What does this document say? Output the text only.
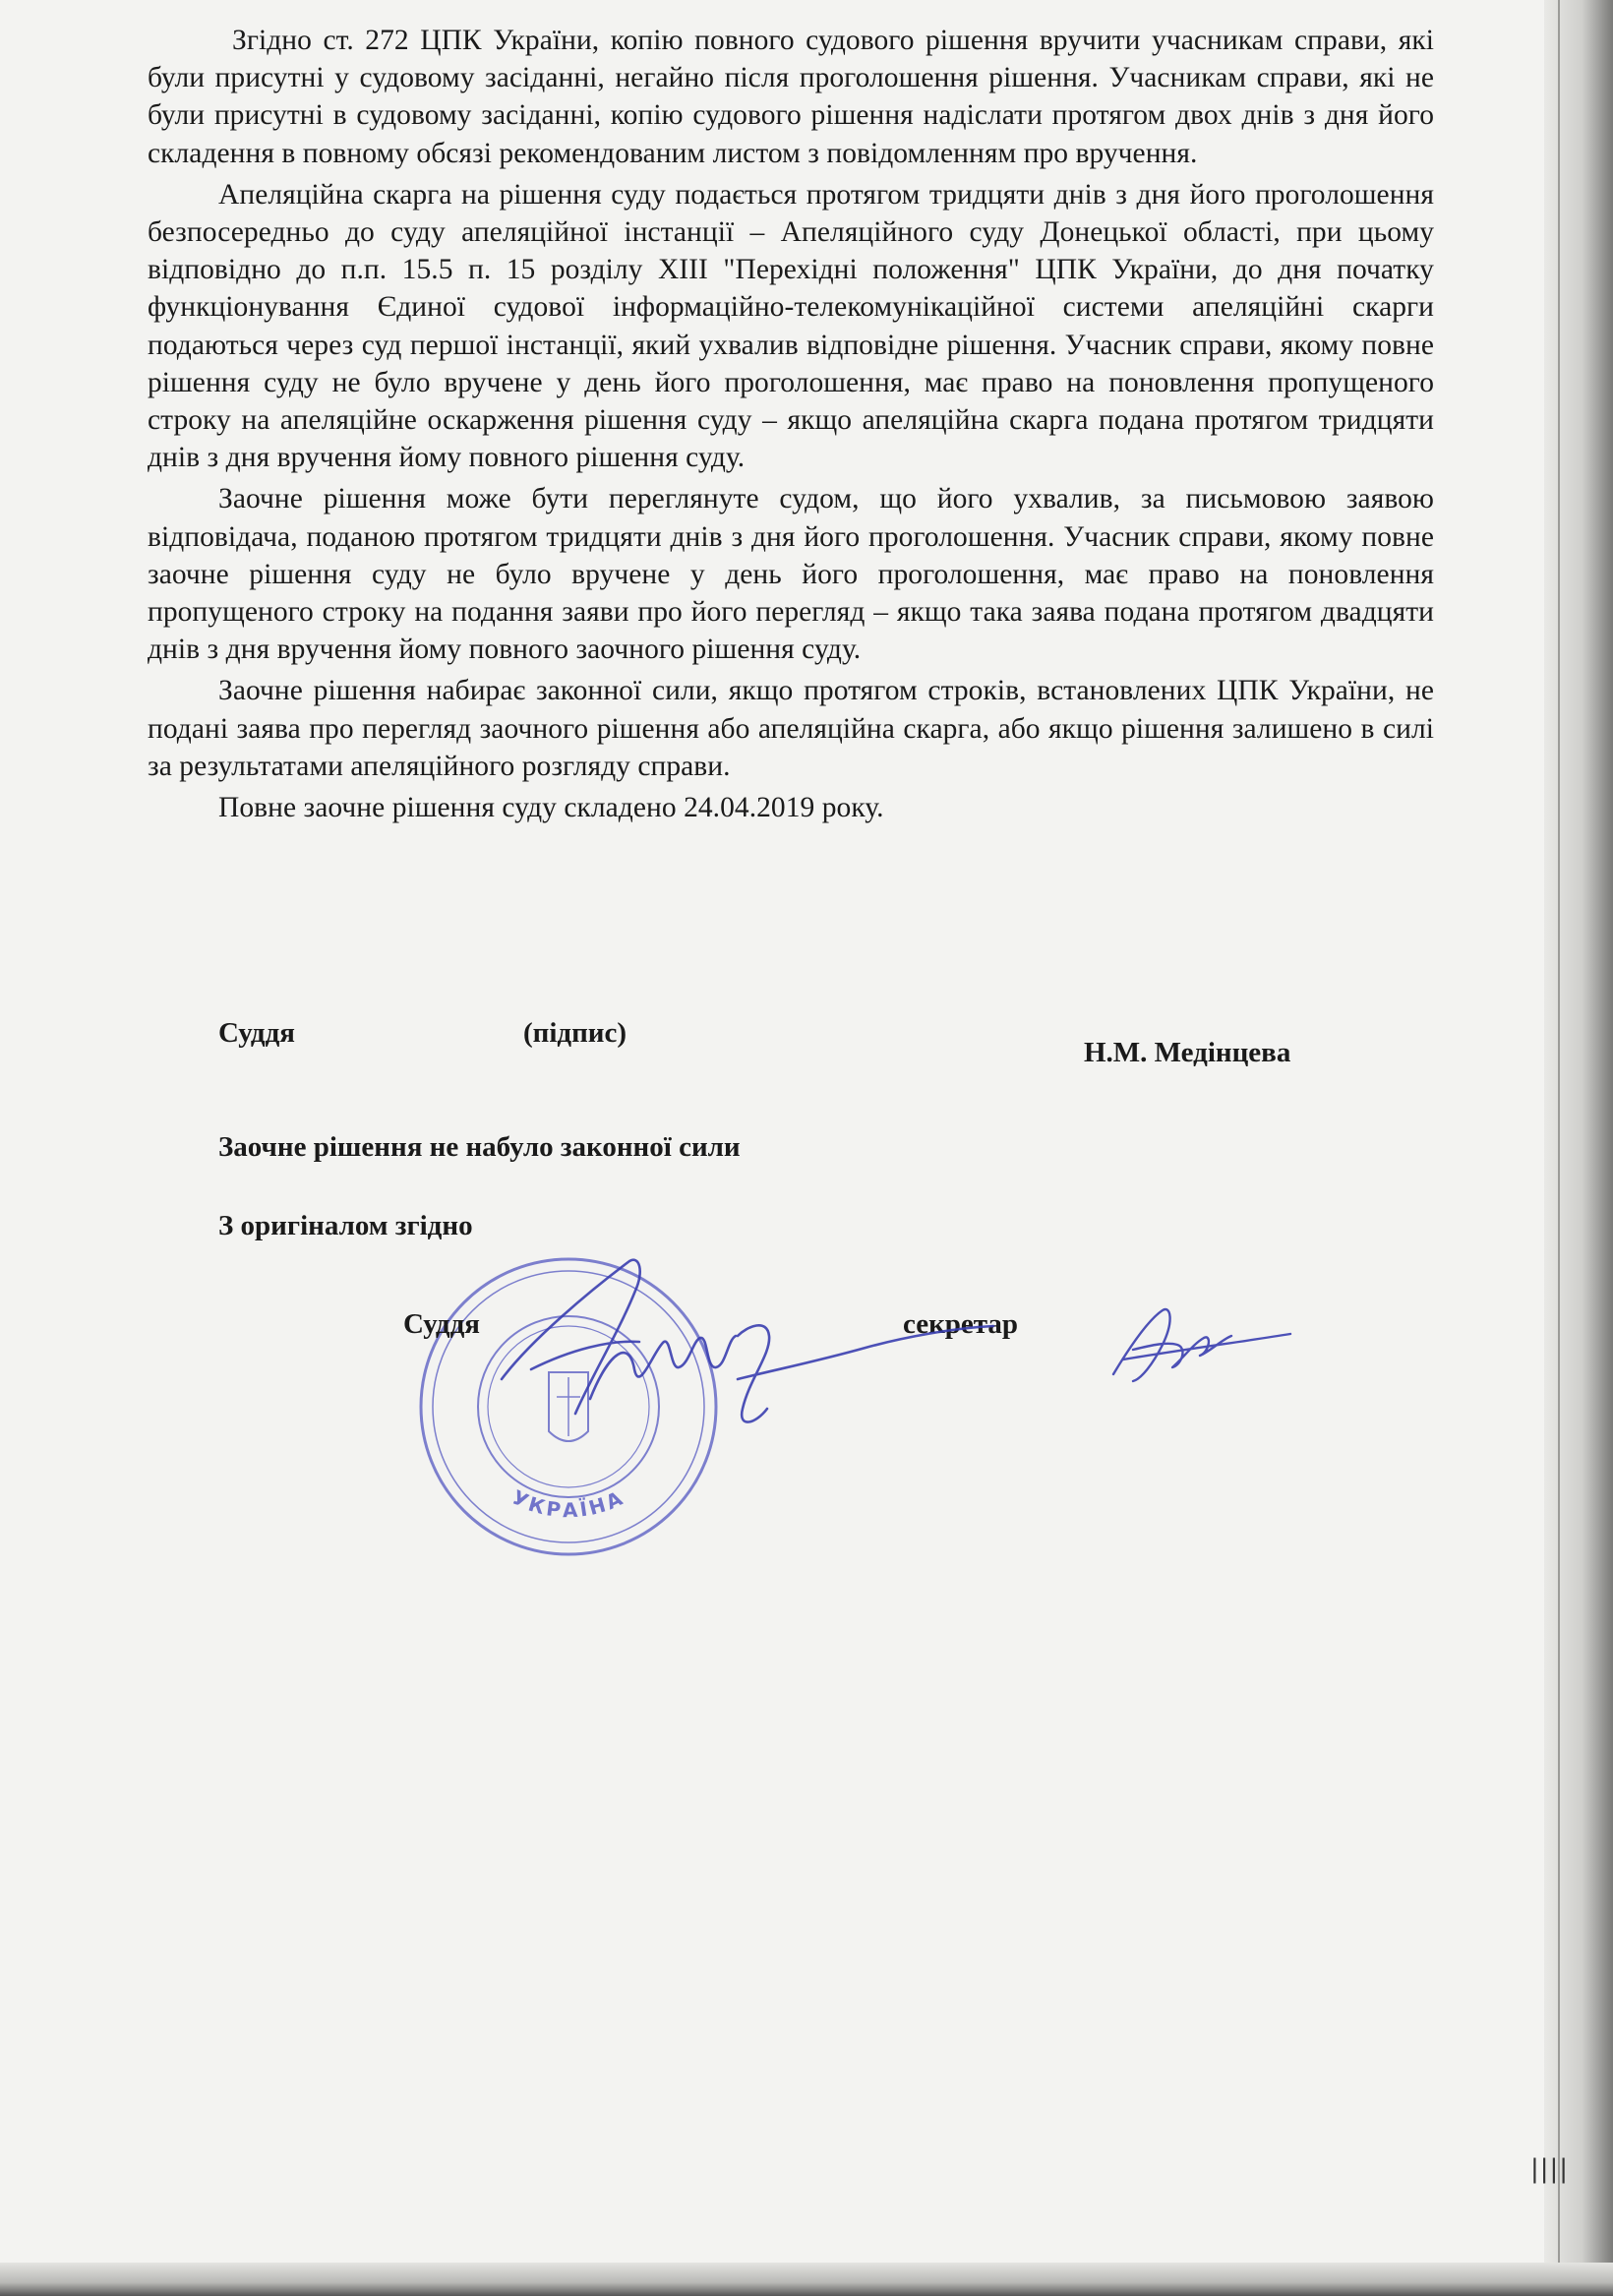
Згідно ст. 272 ЦПК України, копію повного судового рішення вручити учасникам справи, які були присутні у судовому засіданні, негайно після проголошення рішення. Учасникам справи, які не були присутні в судовому засіданні, копію судового рішення надіслати протягом двох днів з дня його складення в повному обсязі рекомендованим листом з повідомленням про вручення.

Апеляційна скарга на рішення суду подається протягом тридцяти днів з дня його проголошення безпосередньо до суду апеляційної інстанції – Апеляційного суду Донецької області, при цьому відповідно до п.п. 15.5 п. 15 розділу XIII "Перехідні положення" ЦПК України, до дня початку функціонування Єдиної судової інформаційно-телекомунікаційної системи апеляційні скарги подаються через суд першої інстанції, який ухвалив відповідне рішення. Учасник справи, якому повне рішення суду не було вручене у день його проголошення, має право на поновлення пропущеного строку на апеляційне оскарження рішення суду – якщо апеляційна скарга подана протягом тридцяти днів з дня вручення йому повного рішення суду.

Заочне рішення може бути переглянуте судом, що його ухвалив, за письмовою заявою відповідача, поданою протягом тридцяти днів з дня його проголошення. Учасник справи, якому повне заочне рішення суду не було вручене у день його проголошення, має право на поновлення пропущеного строку на подання заяви про його перегляд – якщо така заява подана протягом двадцяти днів з дня вручення йому повного заочного рішення суду.

Заочне рішення набирає законної сили, якщо протягом строків, встановлених ЦПК України, не подані заява про перегляд заочного рішення або апеляційна скарга, або якщо рішення залишено в силі за результатами апеляційного розгляду справи.

Повне заочне рішення суду складено 24.04.2019 року.

Суддя	(підпис)
Н.М. Медінцева
Заочне рішення не набуло законної сили
З оригіналом згідно
УКРАЇНА
Суддя	секретар
||||
